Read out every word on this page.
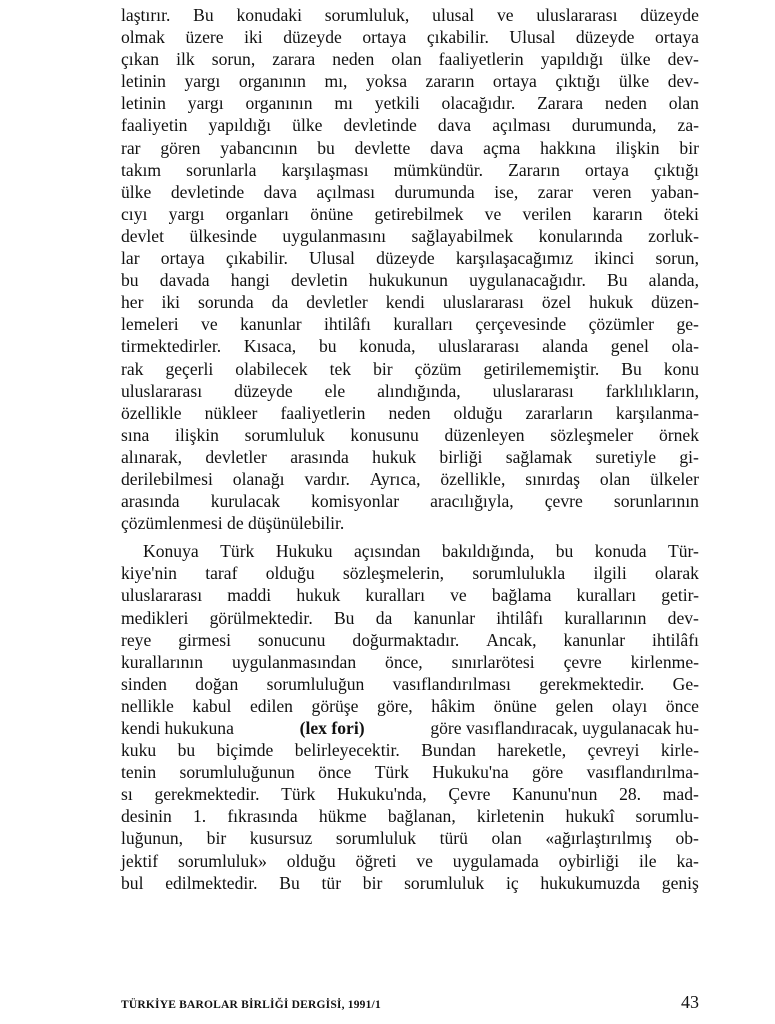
laştırır. Bu konudaki sorumluluk, ulusal ve uluslararası düzeyde
olmak üzere iki düzeyde ortaya çıkabilir. Ulusal düzeyde ortaya
çıkan ilk sorun, zarara neden olan faaliyetlerin yapıldığı ülke dev-
letinin yargı organının mı, yoksa zararın ortaya çıktığı ülke dev-
letinin yargı organının mı yetkili olacağıdır. Zarara neden olan
faaliyetin yapıldığı ülke devletinde dava açılması durumunda, za-
rar gören yabancının bu devlette dava açma hakkına ilişkin bir
takım sorunlarla karşılaşması mümkündür. Zararın ortaya çıktığı
ülke devletinde dava açılması durumunda ise, zarar veren yaban-
cıyı yargı organları önüne getirebilmek ve verilen kararın öteki
devlet ülkesinde uygulanmasını sağlayabilmek konularında zorluk-
lar ortaya çıkabilir. Ulusal düzeyde karşılaşacağımız ikinci sorun,
bu davada hangi devletin hukukunun uygulanacağıdır. Bu alanda,
her iki sorunda da devletler kendi uluslararası özel hukuk düzen-
lemeleri ve kanunlar ihtilâfı kuralları çerçevesinde çözümler ge-
tirmektedirler. Kısaca, bu konuda, uluslararası alanda genel ola-
rak geçerli olabilecek tek bir çözüm getirilememiştir. Bu konu
uluslararası düzeyde ele alındığında, uluslararası farklılıkların,
özellikle nükleer faaliyetlerin neden olduğu zararların karşılanma-
sına ilişkin sorumluluk konusunu düzenleyen sözleşmeler örnek
alınarak, devletler arasında hukuk birliği sağlamak suretiyle gi-
derilebilmesi olanağı vardır. Ayrıca, özellikle, sınırdaş olan ülkeler
arasında kurulacak komisyonlar aracılığıyla, çevre sorunlarının
çözümlenmesi de düşünülebilir.
Konuya Türk Hukuku açısından bakıldığında, bu konuda Tür-
kiye'nin taraf olduğu sözleşmelerin, sorumlulukla ilgili olarak
uluslararası maddi hukuk kuralları ve bağlama kuralları getir-
medikleri görülmektedir. Bu da kanunlar ihtilâfı kurallarının dev-
reye girmesi sonucunu doğurmaktadır. Ancak, kanunlar ihtilâfı
kurallarının uygulanmasından önce, sınırlarötesi çevre kirlenme-
sinden doğan sorumluluğun vasıflandırılması gerekmektedir. Ge-
nellikle kabul edilen görüşe göre, hâkim önüne gelen olayı önce
kendi hukukuna	(lex fori)	göre vasıflandıracak, uygulanacak hu-
kuku bu biçimde belirleyecektir. Bundan hareketle, çevreyi kirle-
tenin sorumluluğunun önce Türk Hukuku'na göre vasıflandırılma-
sı gerekmektedir. Türk Hukuku'nda, Çevre Kanunu'nun 28. mad-
desinin 1. fıkrasında hükme bağlanan, kirletenin hukukî sorumlu-
luğunun, bir kusursuz sorumluluk türü olan «ağırlaştırılmış ob-
jektif sorumluluk» olduğu öğreti ve uygulamada oybirliği ile ka-
bul edilmektedir. Bu tür bir sorumluluk iç hukukumuzda geniş
TÜRKİYE BAROLAR BİRLİĞİ DERGİSİ, 1991/1	43
